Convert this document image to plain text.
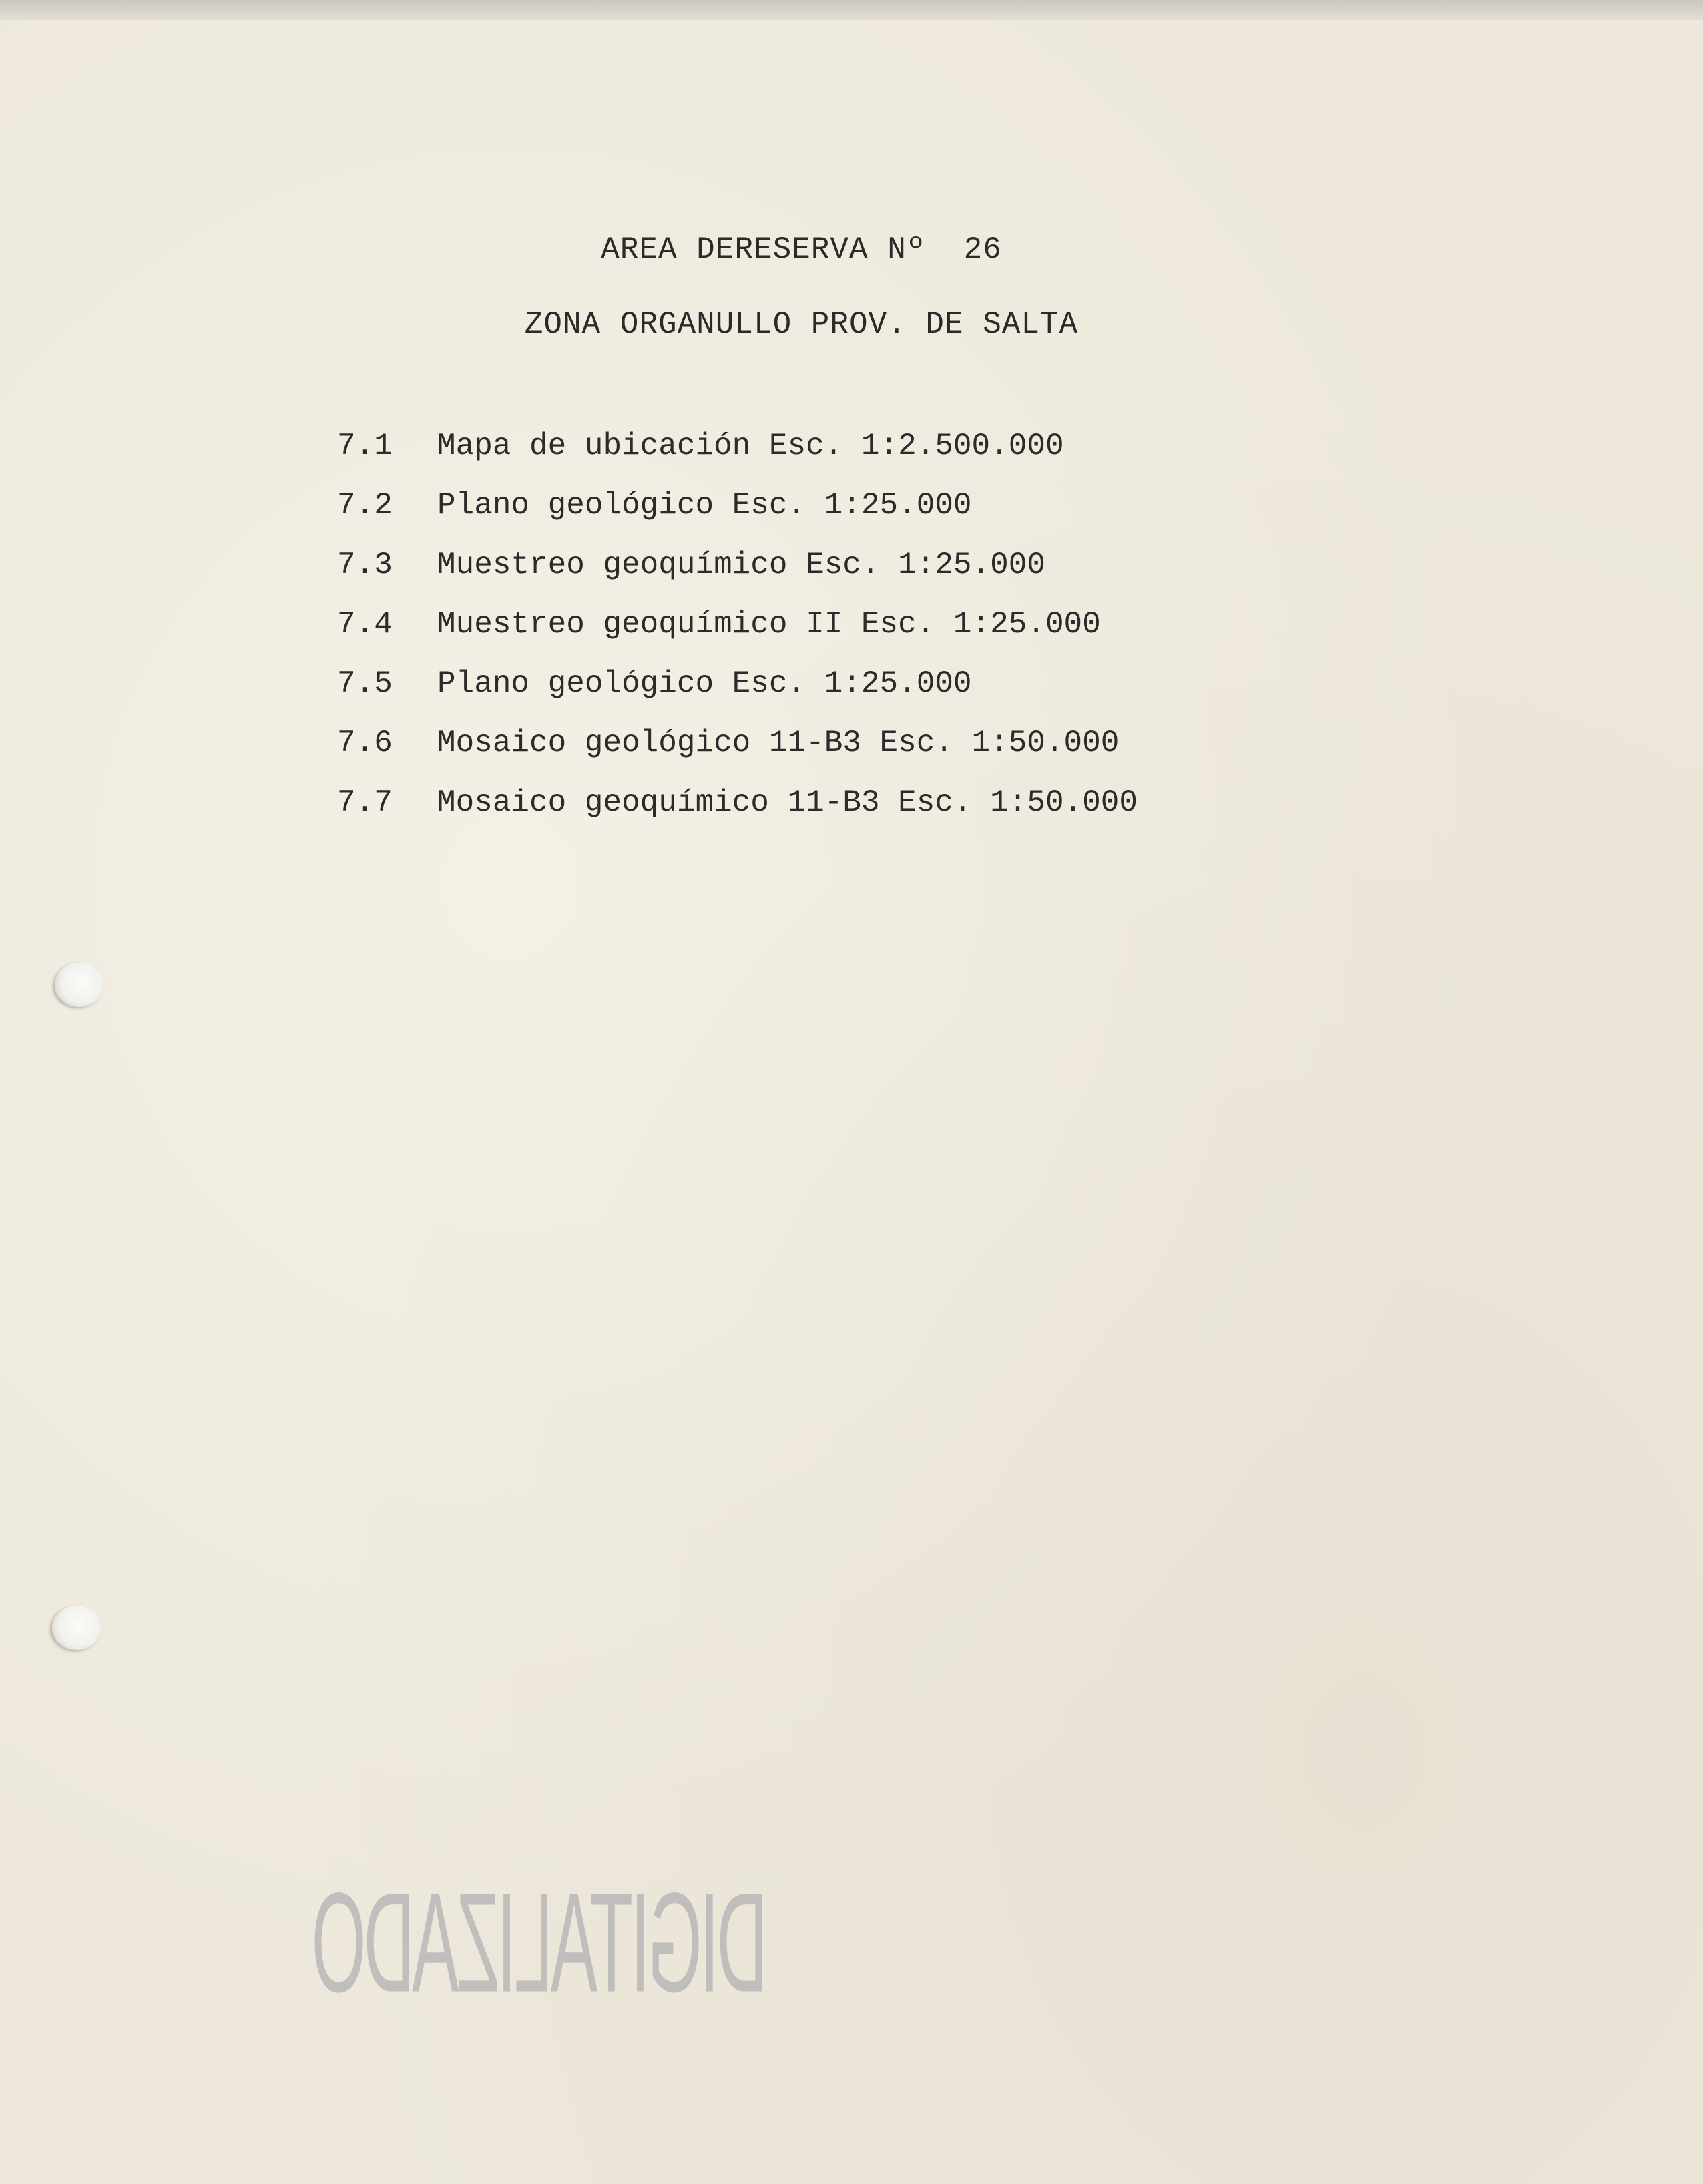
AREA DERESERVA Nº  26
ZONA ORGANULLO PROV. DE SALTA
7.1	Mapa de ubicación Esc. 1:2.500.000
7.2	Plano geológico Esc. 1:25.000
7.3	Muestreo geoquímico Esc. 1:25.000
7.4	Muestreo geoquímico II Esc. 1:25.000
7.5	Plano geológico Esc. 1:25.000
7.6	Mosaico geológico 11-B3 Esc. 1:50.000
7.7	Mosaico geoquímico 11-B3 Esc. 1:50.000
DIGITALIZADO
